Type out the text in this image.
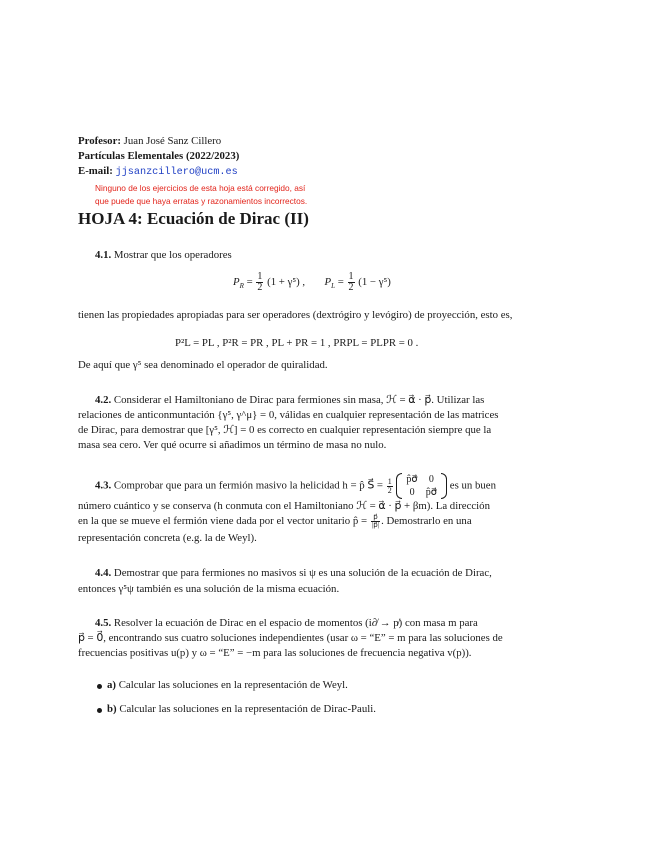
Profesor: Juan José Sanz Cillero
Partículas Elementales (2022/2023)
E-mail: jjsanzcillero@ucm.es
Ninguno de los ejercicios de esta hoja está corregido, así
que puede que haya erratas y razonamientos incorrectos.
HOJA 4: Ecuación de Dirac (II)
4.1. Mostrar que los operadores
$P_R = \frac{1}{2} (1 + \gamma^5)$ , $P_L = \frac{1}{2} (1 - \gamma^5)$
tienen las propiedades apropiadas para ser operadores (dextrógiro y levógiro) de proyección, esto es,
P²L = PL , P²R = PR , PL + PR = 1 , PRPL = PLPR = 0 .
De aquí que γ⁵ sea denominado el operador de quiralidad.
4.2. Considerar el Hamiltoniano de Dirac para fermiones sin masa, ℋ = α⃗ · p⃗. Utilizar las
relaciones de anticonmuntación {γ⁵, γ^μ} = 0, válidas en cualquier representación de las matrices
de Dirac, para demostrar que [γ⁵, ℋ] = 0 es correcto en cualquier representación siempre que la
masa sea cero. Ver qué ocurre si añadimos un término de masa no nulo.
4.3. Comprobar que para un fermión masivo la helicidad h = p̂ S⃗ = $\frac{1}{2}$
p̂σ⃗	0
0	p̂σ⃗
es un buen
número cuántico y se conserva (h conmuta con el Hamiltoniano ℋ = α⃗ · p⃗ + βm). La dirección
en la que se mueve el fermión viene dada por el vector unitario p̂ = $\frac{p⃗}{|p⃗|}$ . Demostrarlo en una
representación concreta (e.g. la de Weyl).
4.4. Demostrar que para fermiones no masivos si ψ es una solución de la ecuación de Dirac,
entonces γ⁵ψ también es una solución de la misma ecuación.
4.5. Resolver la ecuación de Dirac en el espacio de momentos (i∂̸ → p̸) con masa m para
p⃗ = 0⃗, encontrando sus cuatro soluciones independientes (usar ω = “E” = m para las soluciones de
frecuencias positivas u(p) y ω = “E” = −m para las soluciones de frecuencia negativa v(p)).
a) Calcular las soluciones en la representación de Weyl.
b) Calcular las soluciones en la representación de Dirac-Pauli.
